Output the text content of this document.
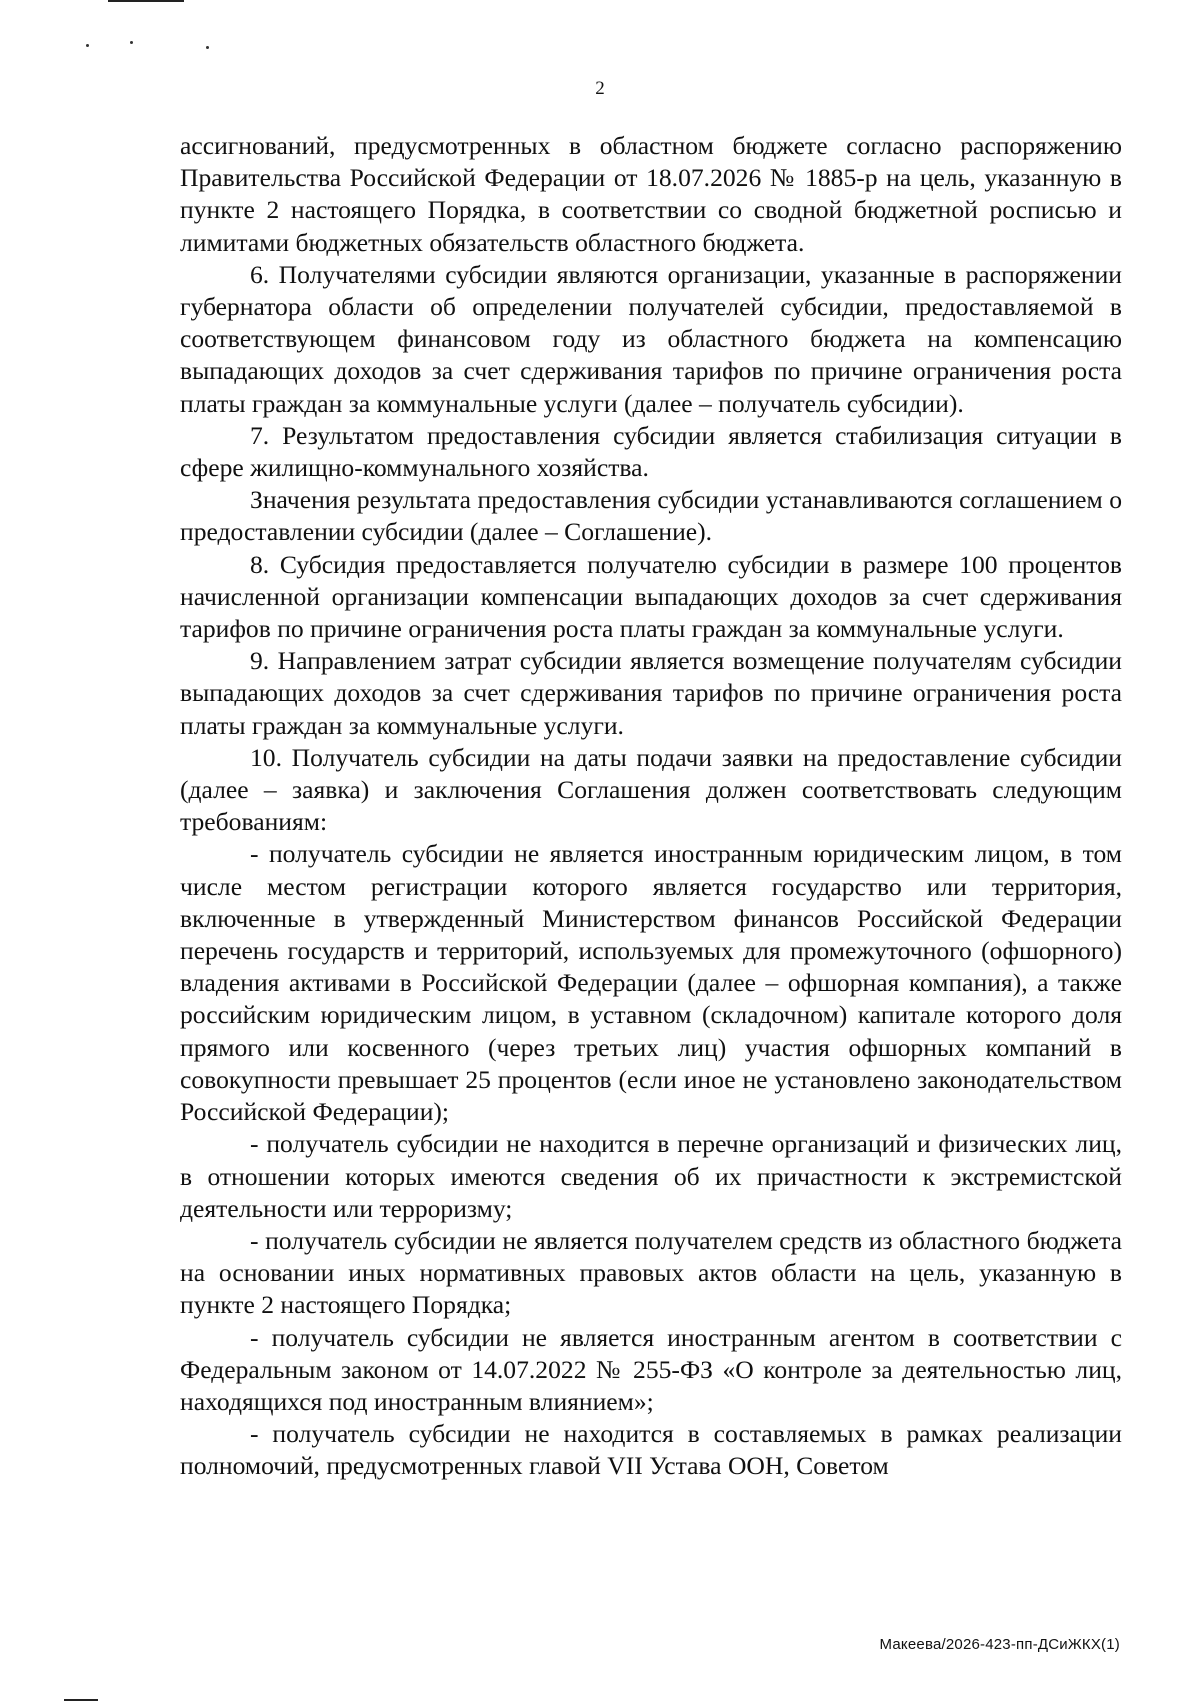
2

ассигнований, предусмотренных в областном бюджете согласно распоряжению Правительства Российской Федерации от 18.07.2026 № 1885-р на цель, указанную в пункте 2 настоящего Порядка, в соответствии со сводной бюджетной росписью и лимитами бюджетных обязательств областного бюджета.

6. Получателями субсидии являются организации, указанные в распоряжении губернатора области об определении получателей субсидии, предоставляемой в соответствующем финансовом году из областного бюджета на компенсацию выпадающих доходов за счет сдерживания тарифов по причине ограничения роста платы граждан за коммунальные услуги (далее – получатель субсидии).

7. Результатом предоставления субсидии является стабилизация ситуации в сфере жилищно-коммунального хозяйства.

Значения результата предоставления субсидии устанавливаются соглашением о предоставлении субсидии (далее – Соглашение).

8. Субсидия предоставляется получателю субсидии в размере 100 процентов начисленной организации компенсации выпадающих доходов за счет сдерживания тарифов по причине ограничения роста платы граждан за коммунальные услуги.

9. Направлением затрат субсидии является возмещение получателям субсидии выпадающих доходов за счет сдерживания тарифов по причине ограничения роста платы граждан за коммунальные услуги.

10. Получатель субсидии на даты подачи заявки на предоставление субсидии (далее – заявка) и заключения Соглашения должен соответствовать следующим требованиям:

- получатель субсидии не является иностранным юридическим лицом, в том числе местом регистрации которого является государство или территория, включенные в утвержденный Министерством финансов Российской Федерации перечень государств и территорий, используемых для промежуточного (офшорного) владения активами в Российской Федерации (далее – офшорная компания), а также российским юридическим лицом, в уставном (складочном) капитале которого доля прямого или косвенного (через третьих лиц) участия офшорных компаний в совокупности превышает 25 процентов (если иное не установлено законодательством Российской Федерации);

- получатель субсидии не находится в перечне организаций и физических лиц, в отношении которых имеются сведения об их причастности к экстремистской деятельности или терроризму;

- получатель субсидии не является получателем средств из областного бюджета на основании иных нормативных правовых актов области на цель, указанную в пункте 2 настоящего Порядка;

- получатель субсидии не является иностранным агентом в соответствии с Федеральным законом от 14.07.2022 № 255-ФЗ «О контроле за деятельностью лиц, находящихся под иностранным влиянием»;

- получатель субсидии не находится в составляемых в рамках реализации полномочий, предусмотренных главой VII Устава ООН, Советом

Макеева/2026-423-пп-ДСиЖКХ(1)
